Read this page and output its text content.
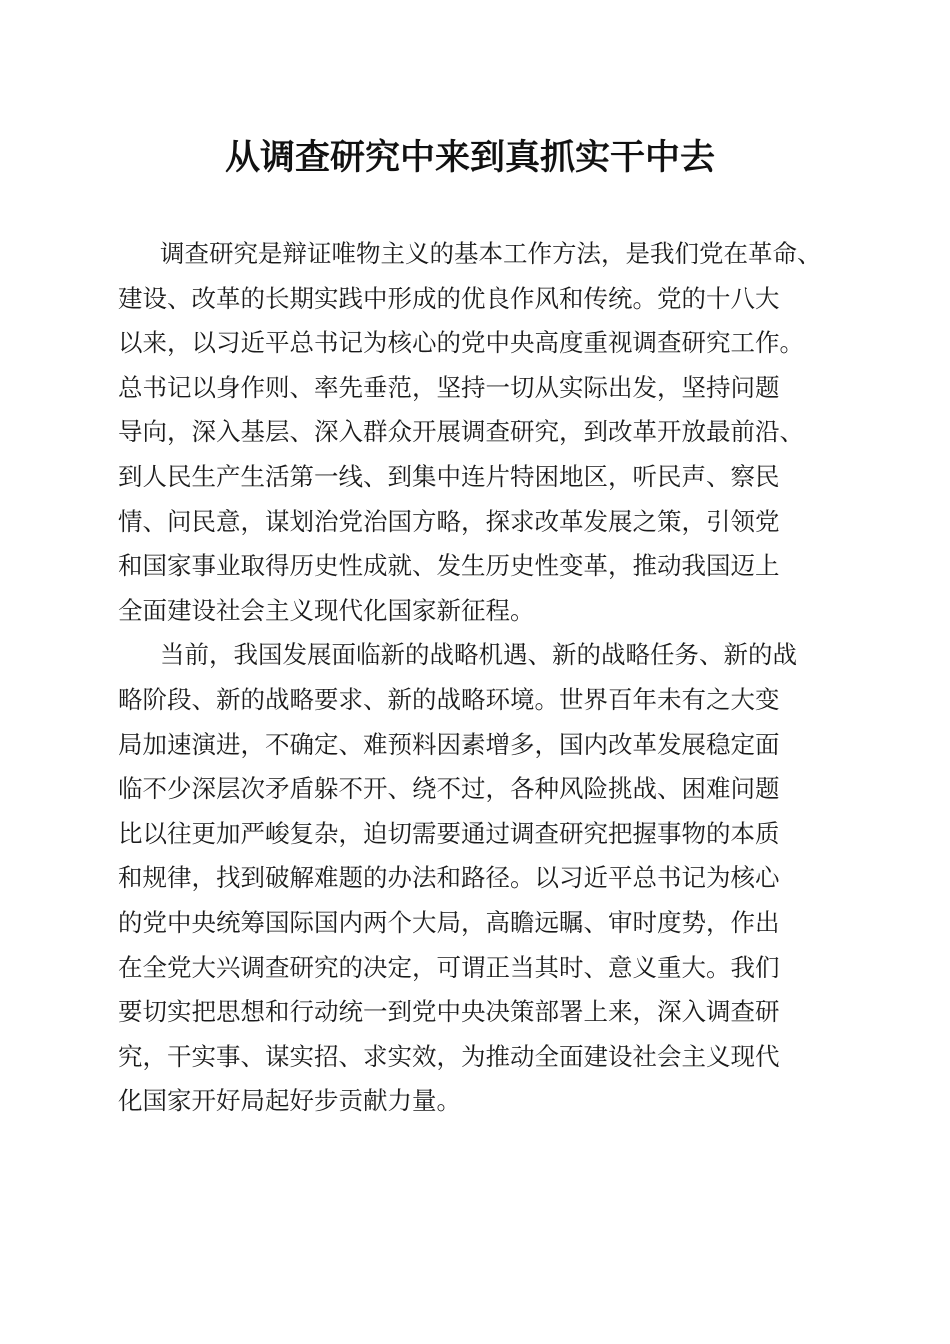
从调查研究中来到真抓实干中去

调查研究是辩证唯物主义的基本工作方法，是我们党在革命、

建设、改革的长期实践中形成的优良作风和传统。党的十八大

以来，以习近平总书记为核心的党中央高度重视调查研究工作。

总书记以身作则、率先垂范，坚持一切从实际出发，坚持问题

导向，深入基层、深入群众开展调查研究，到改革开放最前沿、

到人民生产生活第一线、到集中连片特困地区，听民声、察民

情、问民意，谋划治党治国方略，探求改革发展之策，引领党

和国家事业取得历史性成就、发生历史性变革，推动我国迈上

全面建设社会主义现代化国家新征程。

当前，我国发展面临新的战略机遇、新的战略任务、新的战

略阶段、新的战略要求、新的战略环境。世界百年未有之大变

局加速演进，不确定、难预料因素增多，国内改革发展稳定面

临不少深层次矛盾躲不开、绕不过，各种风险挑战、困难问题

比以往更加严峻复杂，迫切需要通过调查研究把握事物的本质

和规律，找到破解难题的办法和路径。以习近平总书记为核心

的党中央统筹国际国内两个大局，高瞻远瞩、审时度势，作出

在全党大兴调查研究的决定，可谓正当其时、意义重大。我们

要切实把思想和行动统一到党中央决策部署上来，深入调查研

究，干实事、谋实招、求实效，为推动全面建设社会主义现代

化国家开好局起好步贡献力量。
